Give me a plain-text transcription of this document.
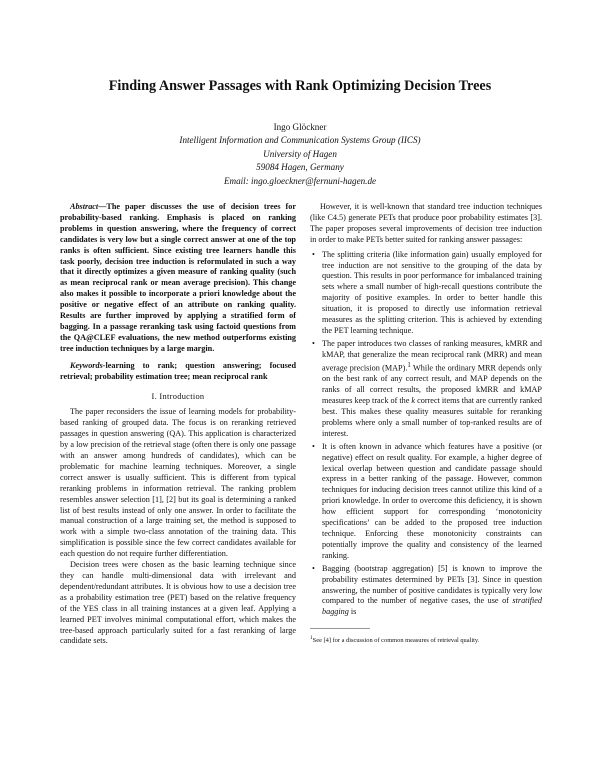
Finding Answer Passages with Rank Optimizing Decision Trees
Ingo Glöckner
Intelligent Information and Communication Systems Group (IICS)
University of Hagen
59084 Hagen, Germany
Email: ingo.gloeckner@fernuni-hagen.de

Abstract—The paper discusses the use of decision trees for probability-based ranking. Emphasis is placed on ranking problems in question answering, where the frequency of correct candidates is very low but a single correct answer at one of the top ranks is often sufficient. Since existing tree learners handle this task poorly, decision tree induction is reformulated in such a way that it directly optimizes a given measure of ranking quality (such as mean reciprocal rank or mean average precision). This change also makes it possible to incorporate a priori knowledge about the positive or negative effect of an attribute on ranking quality. Results are further improved by applying a stratified form of bagging. In a passage reranking task using factoid questions from the QA@CLEF evaluations, the new method outperforms existing tree induction techniques by a large margin.

Keywords-learning to rank; question answering; focused retrieval; probability estimation tree; mean reciprocal rank

I. Introduction

The paper reconsiders the issue of learning models for probability-based ranking of grouped data. The focus is on reranking retrieved passages in question answering (QA). This application is characterized by a low precision of the retrieval stage (often there is only one passage with an answer among hundreds of candidates), which can be problematic for machine learning techniques. Moreover, a single correct answer is usually sufficient. This is different from typical reranking problems in information retrieval. The ranking problem resembles answer selection [1], [2] but its goal is determining a ranked list of best results instead of only one answer. In order to facilitate the manual construction of a large training set, the method is supposed to work with a simple two-class annotation of the training data. This simplification is possible since the few correct candidates available for each question do not require further differentiation.

Decision trees were chosen as the basic learning technique since they can handle multi-dimensional data with irrelevant and dependent/redundant attributes. It is obvious how to use a decision tree as a probability estimation tree (PET) based on the relative frequency of the YES class in all training instances at a given leaf. Applying a learned PET involves minimal computational effort, which makes the tree-based approach particularly suited for a fast reranking of large candidate sets.

However, it is well-known that standard tree induction techniques (like C4.5) generate PETs that produce poor probability estimates [3]. The paper proposes several improvements of decision tree induction in order to make PETs better suited for ranking answer passages:

• The splitting criteria (like information gain) usually employed for tree induction are not sensitive to the grouping of the data by question. This results in poor performance for imbalanced training sets where a small number of high-recall questions contribute the majority of positive examples. In order to better handle this situation, it is proposed to directly use information retrieval measures as the splitting criterion. This is achieved by extending the PET learning technique.
• The paper introduces two classes of ranking measures, kMRR and kMAP, that generalize the mean reciprocal rank (MRR) and mean average precision (MAP).$^1$ While the ordinary MRR depends only on the best rank of any correct result, and MAP depends on the ranks of all correct results, the proposed kMRR and kMAP measures keep track of the k correct items that are currently ranked best. This makes these quality measures suitable for reranking problems where only a small number of top-ranked results are of interest.
• It is often known in advance which features have a positive (or negative) effect on result quality. For example, a higher degree of lexical overlap between question and candidate passage should express in a better ranking of the passage. However, common techniques for inducing decision trees cannot utilize this kind of a priori knowledge. In order to overcome this deficiency, it is shown how efficient support for corresponding ‘monotonicity specifications’ can be added to the proposed tree induction technique. Enforcing these monotonicity constraints can potentially improve the quality and consistency of the learned ranking.
• Bagging (bootstrap aggregation) [5] is known to improve the probability estimates determined by PETs [3]. Since in question answering, the number of positive candidates is typically very low compared to the number of negative cases, the use of stratified bagging is

$^1$See [4] for a discussion of common measures of retrieval quality.
